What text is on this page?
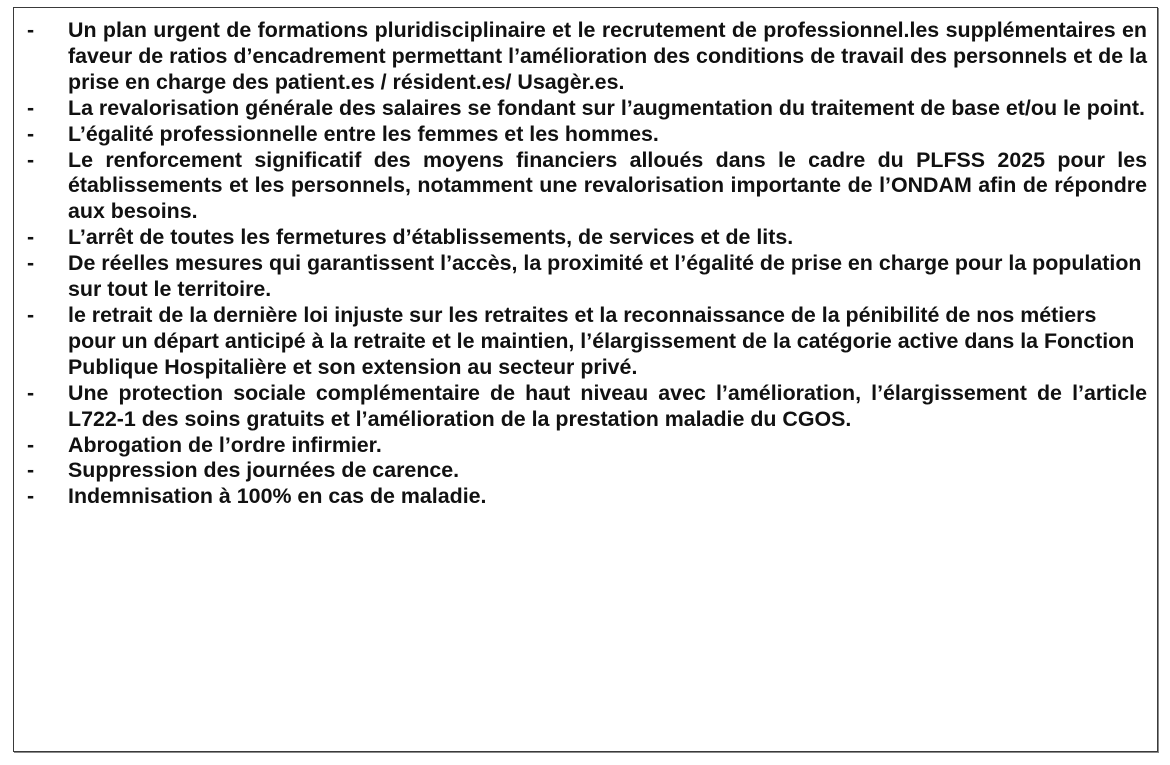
-	Un plan urgent de formations pluridisciplinaire et le recrutement de professionnel.les supplémentaires en faveur de ratios d’encadrement permettant l’amélioration des conditions de travail des personnels et de la prise en charge des patient.es / résident.es/ Usagèr.es.
-	La revalorisation générale des salaires se fondant sur l’augmentation du traitement de base et/ou le point.
-	L’égalité professionnelle entre les femmes et les hommes.
-	Le renforcement significatif des moyens financiers alloués dans le cadre du PLFSS 2025 pour les établissements et les personnels, notamment une revalorisation importante de l’ONDAM afin de répondre aux besoins.
-	L’arrêt de toutes les fermetures d’établissements, de services et de lits.
-	De réelles mesures qui garantissent l’accès, la proximité et l’égalité de prise en charge pour la population sur tout le territoire.
-	le retrait de la dernière loi injuste sur les retraites et la reconnaissance de la pénibilité de nos métiers pour un départ anticipé à la retraite et le maintien, l’élargissement de la catégorie active dans la Fonction Publique Hospitalière et son extension au secteur privé.
-	Une protection sociale complémentaire de haut niveau avec l’amélioration, l’élargissement de l’article L722-1 des soins gratuits et l’amélioration de la prestation maladie du CGOS.
-	Abrogation de l’ordre infirmier.
-	Suppression des journées de carence.
-	Indemnisation à 100% en cas de maladie.
